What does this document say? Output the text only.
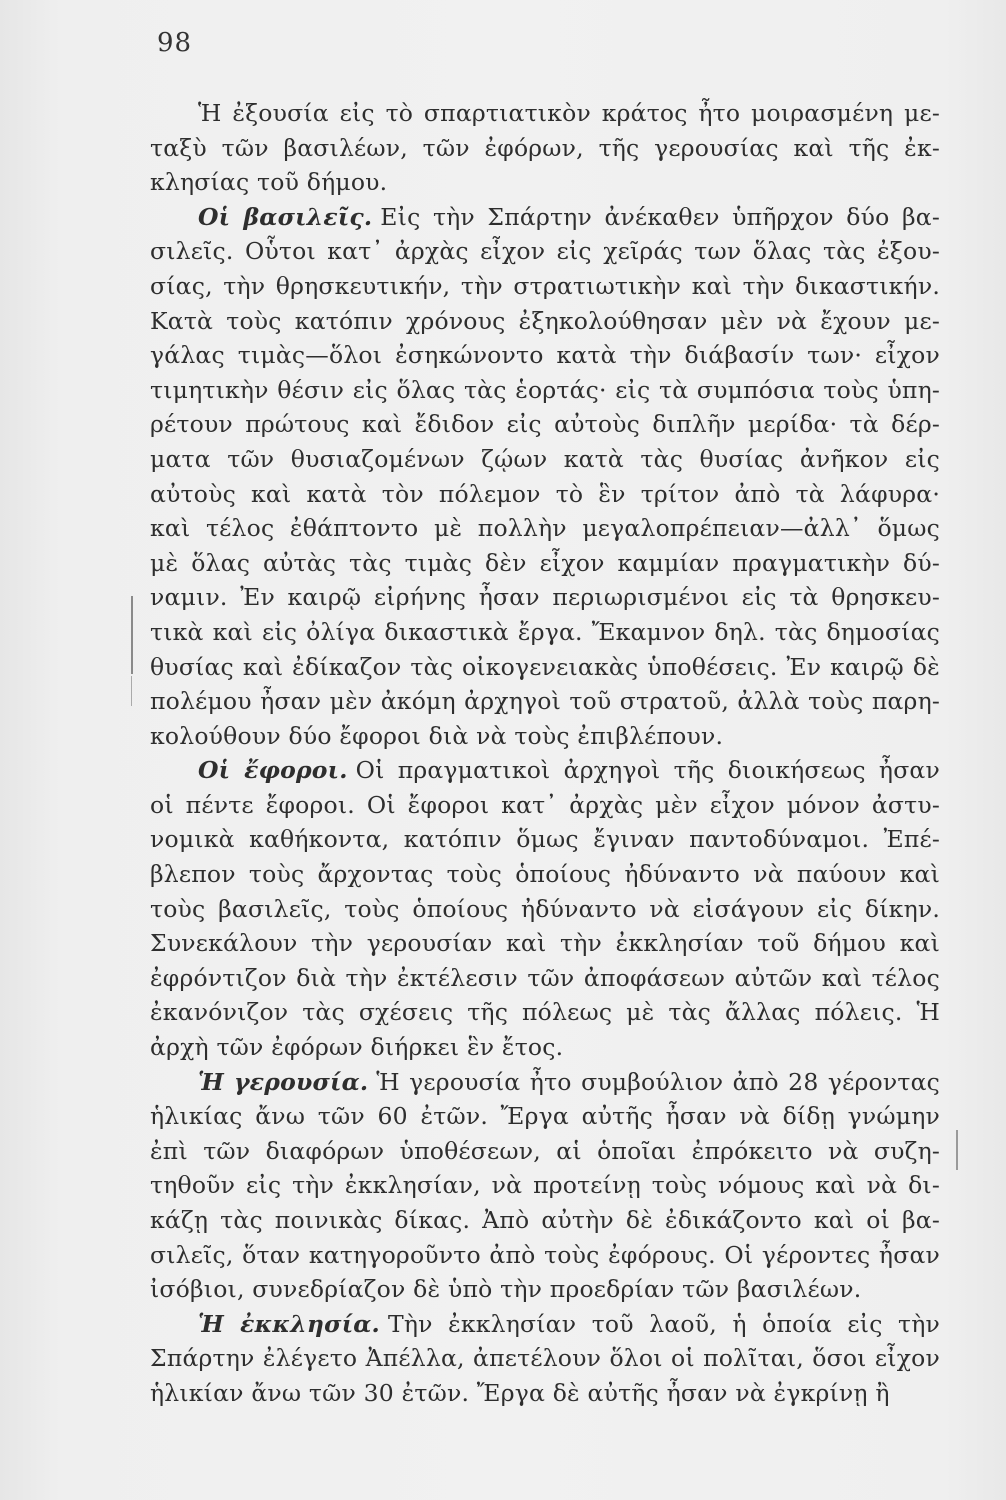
98
Ἡ ἐξουσία εἰς τὸ σπαρτιατικὸν κράτος ἦτο μοιρασμένη με-
ταξὺ τῶν βασιλέων, τῶν ἐφόρων, τῆς γερουσίας καὶ τῆς ἐκ-
κλησίας τοῦ δήμου.
Οἱ βασιλεῖς. Εἰς τὴν Σπάρτην ἀνέκαθεν ὑπῆρχον δύο βα-
σιλεῖς. Οὗτοι κατ᾽ ἀρχὰς εἶχον εἰς χεῖράς των ὅλας τὰς ἐξου-
σίας, τὴν θρησκευτικήν, τὴν στρατιωτικὴν καὶ τὴν δικαστικήν.
Κατὰ τοὺς κατόπιν χρόνους ἐξηκολούθησαν μὲν νὰ ἔχουν με-
γάλας τιμὰς—ὅλοι ἐσηκώνοντο κατὰ τὴν διάβασίν των· εἶχον
τιμητικὴν θέσιν εἰς ὅλας τὰς ἑορτάς· εἰς τὰ συμπόσια τοὺς ὑπη-
ρέτουν πρώτους καὶ ἔδιδον εἰς αὐτοὺς διπλῆν μερίδα· τὰ δέρ-
ματα τῶν θυσιαζομένων ζῴων κατὰ τὰς θυσίας ἀνῆκον εἰς
αὐτοὺς καὶ κατὰ τὸν πόλεμον τὸ ἓν τρίτον ἀπὸ τὰ λάφυρα·
καὶ τέλος ἐθάπτοντο μὲ πολλὴν μεγαλοπρέπειαν—ἀλλ᾽ ὅμως
μὲ ὅλας αὐτὰς τὰς τιμὰς δὲν εἶχον καμμίαν πραγματικὴν δύ-
ναμιν. Ἐν καιρῷ εἰρήνης ἦσαν περιωρισμένοι εἰς τὰ θρησκευ-
τικὰ καὶ εἰς ὀλίγα δικαστικὰ ἔργα. Ἔκαμνον δηλ. τὰς δημοσίας
θυσίας καὶ ἐδίκαζον τὰς οἰκογενειακὰς ὑποθέσεις. Ἐν καιρῷ δὲ
πολέμου ἦσαν μὲν ἀκόμη ἀρχηγοὶ τοῦ στρατοῦ, ἀλλὰ τοὺς παρη-
κολούθουν δύο ἔφοροι διὰ νὰ τοὺς ἐπιβλέπουν.
Οἱ ἔφοροι. Οἱ πραγματικοὶ ἀρχηγοὶ τῆς διοικήσεως ἦσαν
οἱ πέντε ἔφοροι. Οἱ ἔφοροι κατ᾽ ἀρχὰς μὲν εἶχον μόνον ἀστυ-
νομικὰ καθήκοντα, κατόπιν ὅμως ἔγιναν παντοδύναμοι. Ἐπέ-
βλεπον τοὺς ἄρχοντας τοὺς ὁποίους ἠδύναντο νὰ παύουν καὶ
τοὺς βασιλεῖς, τοὺς ὁποίους ἠδύναντο νὰ εἰσάγουν εἰς δίκην.
Συνεκάλουν τὴν γερουσίαν καὶ τὴν ἐκκλησίαν τοῦ δήμου καὶ
ἐφρόντιζον διὰ τὴν ἐκτέλεσιν τῶν ἀποφάσεων αὐτῶν καὶ τέλος
ἐκανόνιζον τὰς σχέσεις τῆς πόλεως μὲ τὰς ἄλλας πόλεις. Ἡ
ἀρχὴ τῶν ἐφόρων διήρκει ἓν ἔτος.
Ἡ γερουσία. Ἡ γερουσία ἦτο συμβούλιον ἀπὸ 28 γέροντας
ἡλικίας ἄνω τῶν 60 ἐτῶν. Ἔργα αὐτῆς ἦσαν νὰ δίδῃ γνώμην
ἐπὶ τῶν διαφόρων ὑποθέσεων, αἱ ὁποῖαι ἐπρόκειτο νὰ συζη-
τηθοῦν εἰς τὴν ἐκκλησίαν, νὰ προτείνῃ τοὺς νόμους καὶ νὰ δι-
κάζῃ τὰς ποινικὰς δίκας. Ἀπὸ αὐτὴν δὲ ἐδικάζοντο καὶ οἱ βα-
σιλεῖς, ὅταν κατηγοροῦντο ἀπὸ τοὺς ἐφόρους. Οἱ γέροντες ἦσαν
ἰσόβιοι, συνεδρίαζον δὲ ὑπὸ τὴν προεδρίαν τῶν βασιλέων.
Ἡ ἐκκλησία. Τὴν ἐκκλησίαν τοῦ λαοῦ, ἡ ὁποία εἰς τὴν
Σπάρτην ἐλέγετο Ἀπέλλα, ἀπετέλουν ὅλοι οἱ πολῖται, ὅσοι εἶχον
ἡλικίαν ἄνω τῶν 30 ἐτῶν. Ἔργα δὲ αὐτῆς ἦσαν νὰ ἐγκρίνῃ ἢ
